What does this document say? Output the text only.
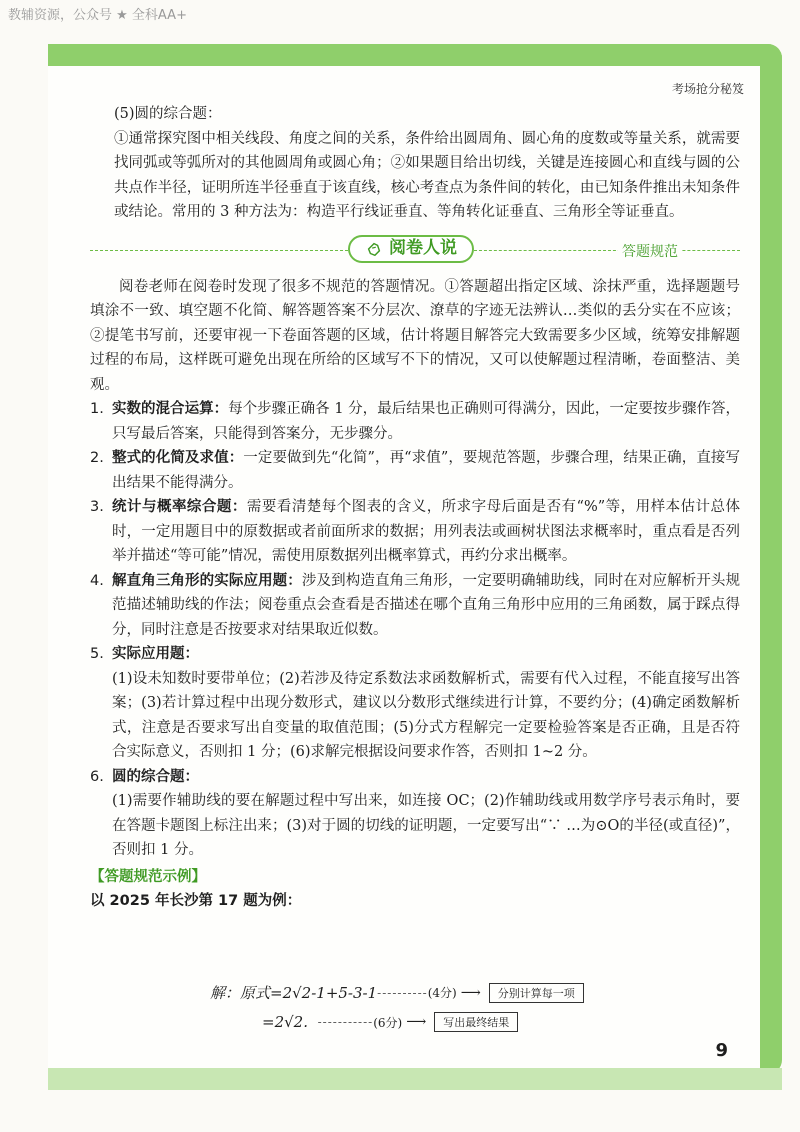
教辅资源，公众号 ★ 全科AA+
考场抢分秘笈

(5)圆的综合题：

①通常探究图中相关线段、角度之间的关系，条件给出圆周角、圆心角的度数或等量关系，就需要找同弧或等弧所对的其他圆周角或圆心角；②如果题目给出切线，关键是连接圆心和直线与圆的公共点作半径，证明所连半径垂直于该直线，核心考查点为条件间的转化，由已知条件推出未知条件或结论。常用的 3 种方法为：构造平行线证垂直、等角转化证垂直、三角形全等证垂直。

阅卷人说	答题规范

阅卷老师在阅卷时发现了很多不规范的答题情况。①答题超出指定区域、涂抹严重，选择题题号填涂不一致、填空题不化简、解答题答案不分层次、潦草的字迹无法辨认…类似的丢分实在不应该；②提笔书写前，还要审视一下卷面答题的区域，估计将题目解答完大致需要多少区域，统筹安排解题过程的布局，这样既可避免出现在所给的区域写不下的情况，又可以使解题过程清晰，卷面整洁、美观。

1. 实数的混合运算：每个步骤正确各 1 分，最后结果也正确则可得满分，因此，一定要按步骤作答，只写最后答案，只能得到答案分，无步骤分。

2. 整式的化简及求值：一定要做到先“化简”，再“求值”，要规范答题，步骤合理，结果正确，直接写出结果不能得满分。

3. 统计与概率综合题：需要看清楚每个图表的含义，所求字母后面是否有“%”等，用样本估计总体时，一定用题目中的原数据或者前面所求的数据；用列表法或画树状图法求概率时，重点看是否列举并描述“等可能”情况，需使用原数据列出概率算式，再约分求出概率。

4. 解直角三角形的实际应用题：涉及到构造直角三角形，一定要明确辅助线，同时在对应解析开头规范描述辅助线的作法；阅卷重点会查看是否描述在哪个直角三角形中应用的三角函数，属于踩点得分，同时注意是否按要求对结果取近似数。

5. 实际应用题：

(1)设未知数时要带单位；(2)若涉及待定系数法求函数解析式，需要有代入过程，不能直接写出答案；(3)若计算过程中出现分数形式，建议以分数形式继续进行计算，不要约分；(4)确定函数解析式，注意是否要求写出自变量的取值范围；(5)分式方程解完一定要检验答案是否正确，且是否符合实际意义，否则扣 1 分；(6)求解完根据设问要求作答，否则扣 1~2 分。

6. 圆的综合题：

(1)需要作辅助线的要在解题过程中写出来，如连接 OC；(2)作辅助线或用数学序号表示角时，要在答题卡题图上标注出来；(3)对于圆的切线的证明题，一定要写出“∵ …为⊙O的半径(或直径)”，否则扣 1 分。

【答题规范示例】

以 2025 年长沙第 17 题为例：

解：原式=2√2-1+5-3-1 ---------- (4分) ⟶	分别计算每一项
=2√2. ----------- (6分) ⟶	写出最终结果
9
